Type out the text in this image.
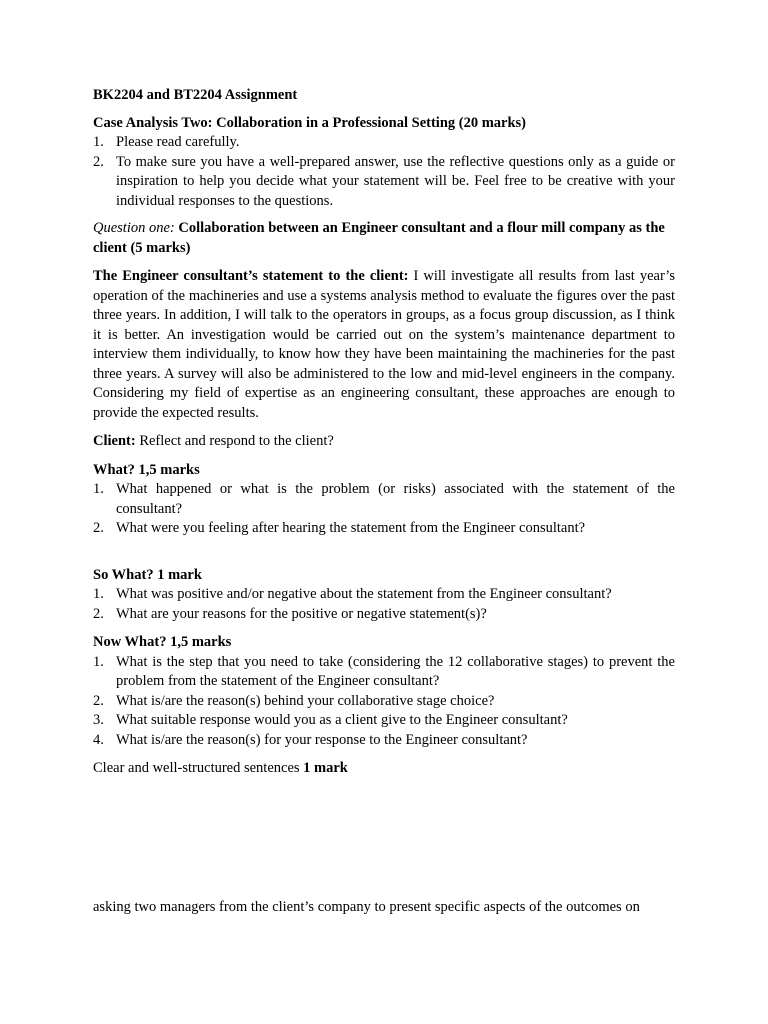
BK2204 and BT2204 Assignment

Case Analysis Two: Collaboration in a Professional Setting (20 marks)

1. Please read carefully.
2. To make sure you have a well-prepared answer, use the reflective questions only as a guide or inspiration to help you decide what your statement will be. Feel free to be creative with your individual responses to the questions.

Question one: Collaboration between an Engineer consultant and a flour mill company as the client (5 marks)

The Engineer consultant’s statement to the client: I will investigate all results from last year’s operation of the machineries and use a systems analysis method to evaluate the figures over the past three years. In addition, I will talk to the operators in groups, as a focus group discussion, as I think it is better. An investigation would be carried out on the system’s maintenance department to interview them individually, to know how they have been maintaining the machineries for the past three years. A survey will also be administered to the low and mid-level engineers in the company. Considering my field of expertise as an engineering consultant, these approaches are enough to provide the expected results.

Client: Reflect and respond to the client?

What? 1,5 marks

1. What happened or what is the problem (or risks) associated with the statement of the consultant?
2. What were you feeling after hearing the statement from the Engineer consultant?

So What? 1 mark

1. What was positive and/or negative about the statement from the Engineer consultant?
2. What are your reasons for the positive or negative statement(s)?

Now What? 1,5 marks

1. What is the step that you need to take (considering the 12 collaborative stages) to prevent the problem from the statement of the Engineer consultant?
2. What is/are the reason(s) behind your collaborative stage choice?
3. What suitable response would you as a client give to the Engineer consultant?
4. What is/are the reason(s) for your response to the Engineer consultant?

Clear and well-structured sentences 1 mark

asking two managers from the client’s company to present specific aspects of the outcomes on
